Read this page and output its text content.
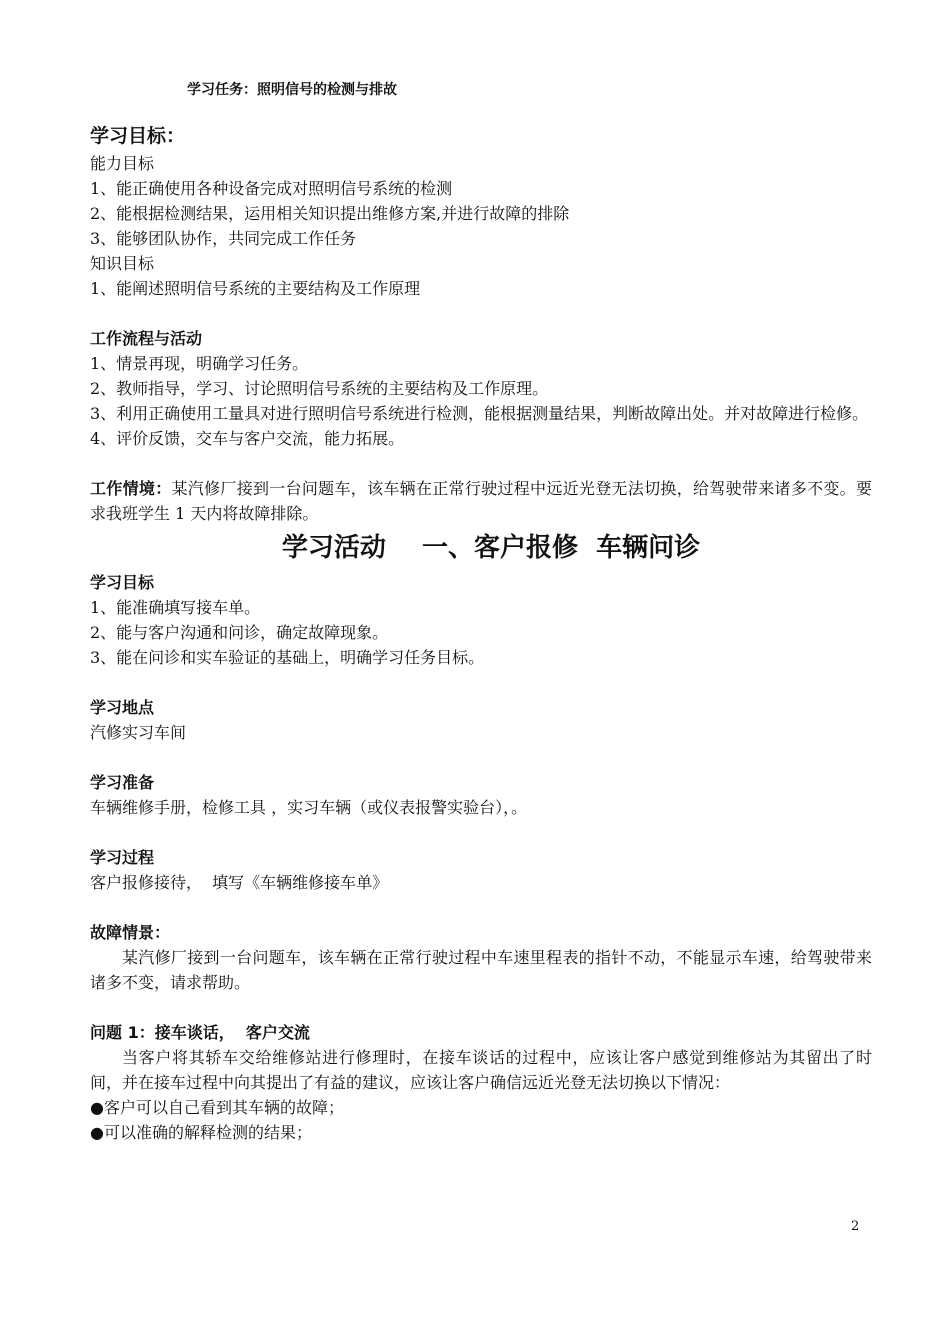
学习任务：照明信号的检测与排故

学习目标：

能力目标

1、能正确使用各种设备完成对照明信号系统的检测

2、能根据检测结果，运用相关知识提出维修方案,并进行故障的排除

3、能够团队协作，共同完成工作任务

知识目标

1、能阐述照明信号系统的主要结构及工作原理

工作流程与活动

1、情景再现，明确学习任务。

2、教师指导，学习、讨论照明信号系统的主要结构及工作原理。

3、利用正确使用工量具对进行照明信号系统进行检测，能根据测量结果，判断故障出处。并对故障进行检修。

4、评价反馈，交车与客户交流，能力拓展。

工作情境：某汽修厂接到一台问题车，该车辆在正常行驶过程中远近光登无法切换，给驾驶带来诸多不变。要求我班学生 1 天内将故障排除。

学习活动    一、客户报修  车辆问诊

学习目标

1、能准确填写接车单。

2、能与客户沟通和问诊，确定故障现象。

3、能在问诊和实车验证的基础上，明确学习任务目标。

学习地点

汽修实习车间

学习准备

车辆维修手册，检修工具 ，实习车辆（或仪表报警实验台），。

学习过程

客户报修接待，  填写《车辆维修接车单》

故障情景：

某汽修厂接到一台问题车，该车辆在正常行驶过程中车速里程表的指针不动，不能显示车速，给驾驶带来诸多不变，请求帮助。

问题 1：接车谈话，  客户交流

当客户将其轿车交给维修站进行修理时，在接车谈话的过程中，应该让客户感觉到维修站为其留出了时间，并在接车过程中向其提出了有益的建议，应该让客户确信远近光登无法切换以下情况：

●客户可以自己看到其车辆的故障；

●可以准确的解释检测的结果；

2
